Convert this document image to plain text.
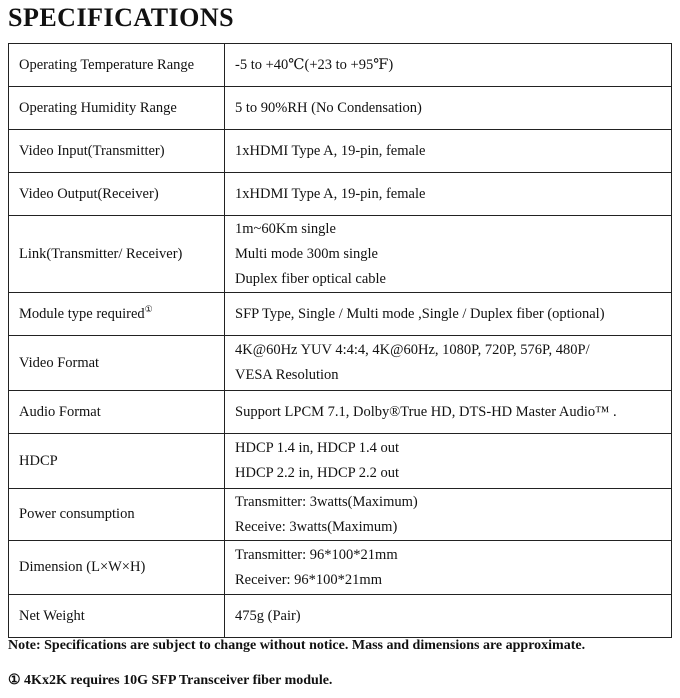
SPECIFICATIONS
Operating Temperature Range	-5 to +40℃(+23 to +95℉)

Operating Humidity Range	5 to 90%RH (No Condensation)

Video Input(Transmitter)	1xHDMI Type A, 19-pin, female

Video Output(Receiver)	1xHDMI Type A, 19-pin, female

Link(Transmitter/ Receiver)	1m~60Km single
Multi mode 300m single
Duplex fiber optical cable

Module type required①	SFP Type, Single / Multi mode ,Single / Duplex fiber (optional)

Video Format	4K@60Hz YUV 4:4:4, 4K@60Hz, 1080P, 720P, 576P, 480P/
VESA Resolution

Audio Format	Support LPCM 7.1, Dolby®True HD, DTS-HD Master Audio™ .

HDCP	HDCP 1.4 in, HDCP 1.4 out
HDCP 2.2 in, HDCP 2.2 out

Power consumption	Transmitter: 3watts(Maximum)
Receive: 3watts(Maximum)

Dimension (L×W×H)	Transmitter: 96*100*21mm
Receiver: 96*100*21mm

Net Weight	475g (Pair)
Note: Specifications are subject to change without notice. Mass and dimensions are approximate.
① 4Kx2K requires 10G SFP Transceiver fiber module.
